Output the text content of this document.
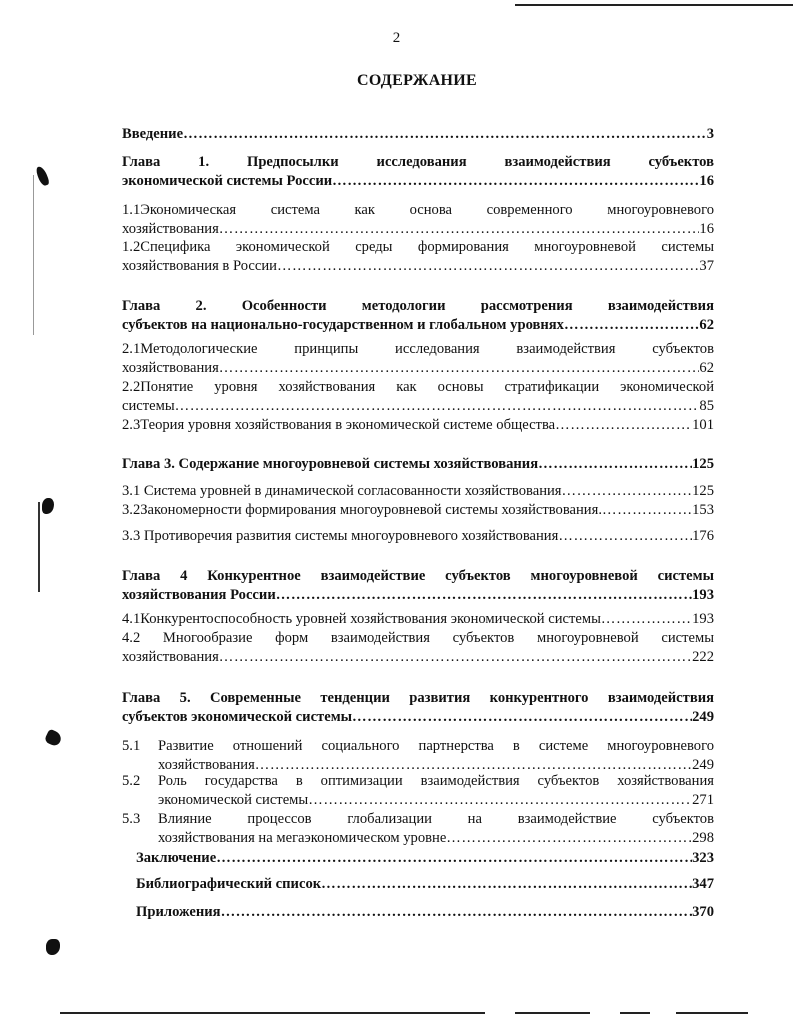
2
СОДЕРЖАНИЕ
Введение …………………………………………………………………………………………………………………………………………………………………	3
Глава 1. Предпосылки исследования взаимодействия субъектов
экономической системы России …………………………………………………………………………………………………………………………………………………………………	16
1.1Экономическая система как основа современного многоуровневого
хозяйствования …………………………………………………………………………………………………………………………………………………………………	16
1.2Специфика экономической среды формирования многоуровневой системы
хозяйствования в России …………………………………………………………………………………………………………………………………………………………………	37
Глава 2. Особенности методологии рассмотрения взаимодействия
субъектов на национально-государственном и глобальном уровнях …………………………………………………………………………………………………………………………………………………………………	62
2.1Методологические принципы исследования взаимодействия субъектов
хозяйствования …………………………………………………………………………………………………………………………………………………………………	62
2.2Понятие уровня хозяйствования как основы стратификации экономической
системы …………………………………………………………………………………………………………………………………………………………………	85
2.3Теория уровня хозяйствования в экономической системе общества …………………………………………………………………………………………………………………………………………………………………	101
Глава 3. Содержание многоуровневой системы хозяйствования …………………………………………………………………………………………………………………………………………………………………	125
3.1 Система уровней в динамической согласованности хозяйствования …………………………………………………………………………………………………………………………………………………………………	125
3.2Закономерности формирования многоуровневой системы хозяйствования. …………………………………………………………………………………………………………………………………………………………………	153
3.3 Противоречия развития системы многоуровневого хозяйствования …………………………………………………………………………………………………………………………………………………………………	176
Глава 4 Конкурентное взаимодействие субъектов многоуровневой системы
хозяйствования России …………………………………………………………………………………………………………………………………………………………………	193
4.1Конкурентоспособность уровней хозяйствования экономической системы …………………………………………………………………………………………………………………………………………………………………	193
4.2 Многообразие форм взаимодействия субъектов многоуровневой системы
хозяйствования …………………………………………………………………………………………………………………………………………………………………	222
Глава 5. Современные тенденции развития конкурентного взаимодействия
субъектов экономической системы …………………………………………………………………………………………………………………………………………………………………	249
5.1 Развитие отношений социального партнерства в системе многоуровневого
хозяйствования …………………………………………………………………………………………………………………………………………………………………	249
5.2 Роль государства в оптимизации взаимодействия субъектов хозяйствования
экономической системы …………………………………………………………………………………………………………………………………………………………………	271
5.3 Влияние процессов глобализации на взаимодействие субъектов
хозяйствования на мегаэкономическом уровне …………………………………………………………………………………………………………………………………………………………………	298
Заключение …………………………………………………………………………………………………………………………………………………………………	323
Библиографический список …………………………………………………………………………………………………………………………………………………………………	347
Приложения …………………………………………………………………………………………………………………………………………………………………	370
